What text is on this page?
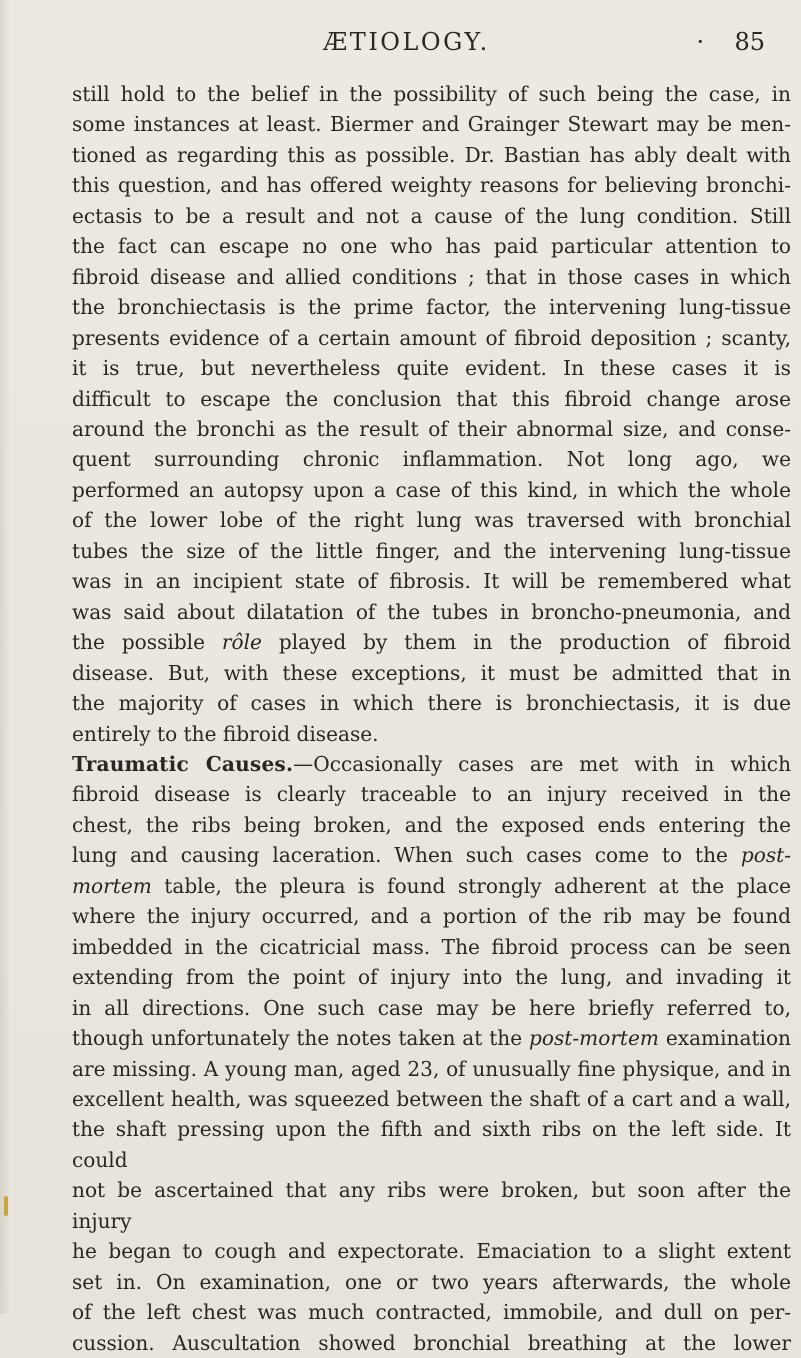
ÆTIOLOGY.
·	85

still hold to the belief in the possibility of such being the case, in

some instances at least. Biermer and Grainger Stewart may be men-

tioned as regarding this as possible. Dr. Bastian has ably dealt with

this question, and has offered weighty reasons for believing bronchi-

ectasis to be a result and not a cause of the lung condition. Still

the fact can escape no one who has paid particular attention to

fibroid disease and allied conditions ; that in those cases in which

the bronchiectasis is the prime factor, the intervening lung-tissue

presents evidence of a certain amount of fibroid deposition ; scanty,

it is true, but nevertheless quite evident. In these cases it is

difficult to escape the conclusion that this fibroid change arose

around the bronchi as the result of their abnormal size, and conse-

quent surrounding chronic inflammation. Not long ago, we

performed an autopsy upon a case of this kind, in which the whole

of the lower lobe of the right lung was traversed with bronchial

tubes the size of the little finger, and the intervening lung-tissue

was in an incipient state of fibrosis. It will be remembered what

was said about dilatation of the tubes in broncho-pneumonia, and

the possible rôle played by them in the production of fibroid

disease. But, with these exceptions, it must be admitted that in

the majority of cases in which there is bronchiectasis, it is due

entirely to the fibroid disease.

Traumatic Causes.—Occasionally cases are met with in which

fibroid disease is clearly traceable to an injury received in the

chest, the ribs being broken, and the exposed ends entering the

lung and causing laceration. When such cases come to the post-

mortem table, the pleura is found strongly adherent at the place

where the injury occurred, and a portion of the rib may be found

imbedded in the cicatricial mass. The fibroid process can be seen

extending from the point of injury into the lung, and invading it

in all directions. One such case may be here briefly referred to,

though unfortunately the notes taken at the post-mortem examination

are missing. A young man, aged 23, of unusually fine physique, and in

excellent health, was squeezed between the shaft of a cart and a wall,

the shaft pressing upon the fifth and sixth ribs on the left side. It could

not be ascertained that any ribs were broken, but soon after the injury

he began to cough and expectorate. Emaciation to a slight extent

set in. On examination, one or two years afterwards, the whole

of the left chest was much contracted, immobile, and dull on per-

cussion. Auscultation showed bronchial breathing at the lower
